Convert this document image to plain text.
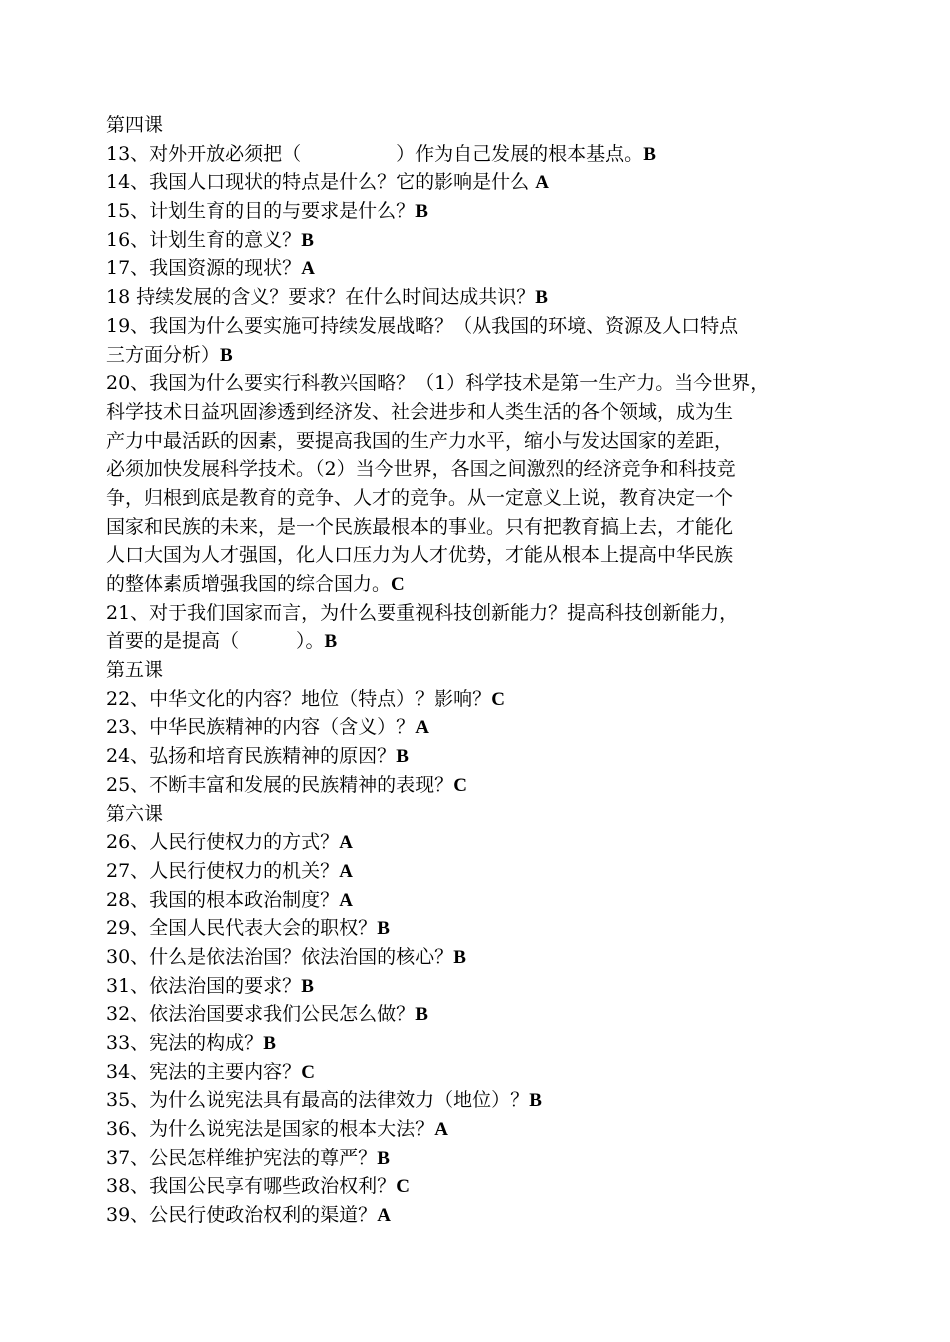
第四课
13、对外开放必须把（　　　　　）作为自己发展的根本基点。B
14、我国人口现状的特点是什么？它的影响是什么 A
15、计划生育的目的与要求是什么？B
16、计划生育的意义？B
17、我国资源的现状？A
18 持续发展的含义？要求？在什么时间达成共识？B
19、我国为什么要实施可持续发展战略？（从我国的环境、资源及人口特点
三方面分析）B
20、我国为什么要实行科教兴国略？（1）科学技术是第一生产力。当今世界，
科学技术日益巩固渗透到经济发、社会进步和人类生活的各个领域，成为生
产力中最活跃的因素，要提高我国的生产力水平，缩小与发达国家的差距，
必须加快发展科学技术。（2）当今世界，各国之间激烈的经济竞争和科技竞
争，归根到底是教育的竞争、人才的竞争。从一定意义上说，教育决定一个
国家和民族的未来，是一个民族最根本的事业。只有把教育搞上去，才能化
人口大国为人才强国，化人口压力为人才优势，才能从根本上提高中华民族
的整体素质增强我国的综合国力。C
21、对于我们国家而言，为什么要重视科技创新能力？提高科技创新能力，
首要的是提高（　　　）。B
第五课
22、中华文化的内容？地位（特点）？影响？C
23、中华民族精神的内容（含义）？A
24、弘扬和培育民族精神的原因？B
25、不断丰富和发展的民族精神的表现？C
第六课
26、人民行使权力的方式？A
27、人民行使权力的机关？A
28、我国的根本政治制度？A
29、全国人民代表大会的职权？B
30、什么是依法治国？依法治国的核心？B
31、依法治国的要求？B
32、依法治国要求我们公民怎么做？B
33、宪法的构成？B
34、宪法的主要内容？C
35、为什么说宪法具有最高的法律效力（地位）？B
36、为什么说宪法是国家的根本大法？A
37、公民怎样维护宪法的尊严？B
38、我国公民享有哪些政治权利？C
39、公民行使政治权利的渠道？A
